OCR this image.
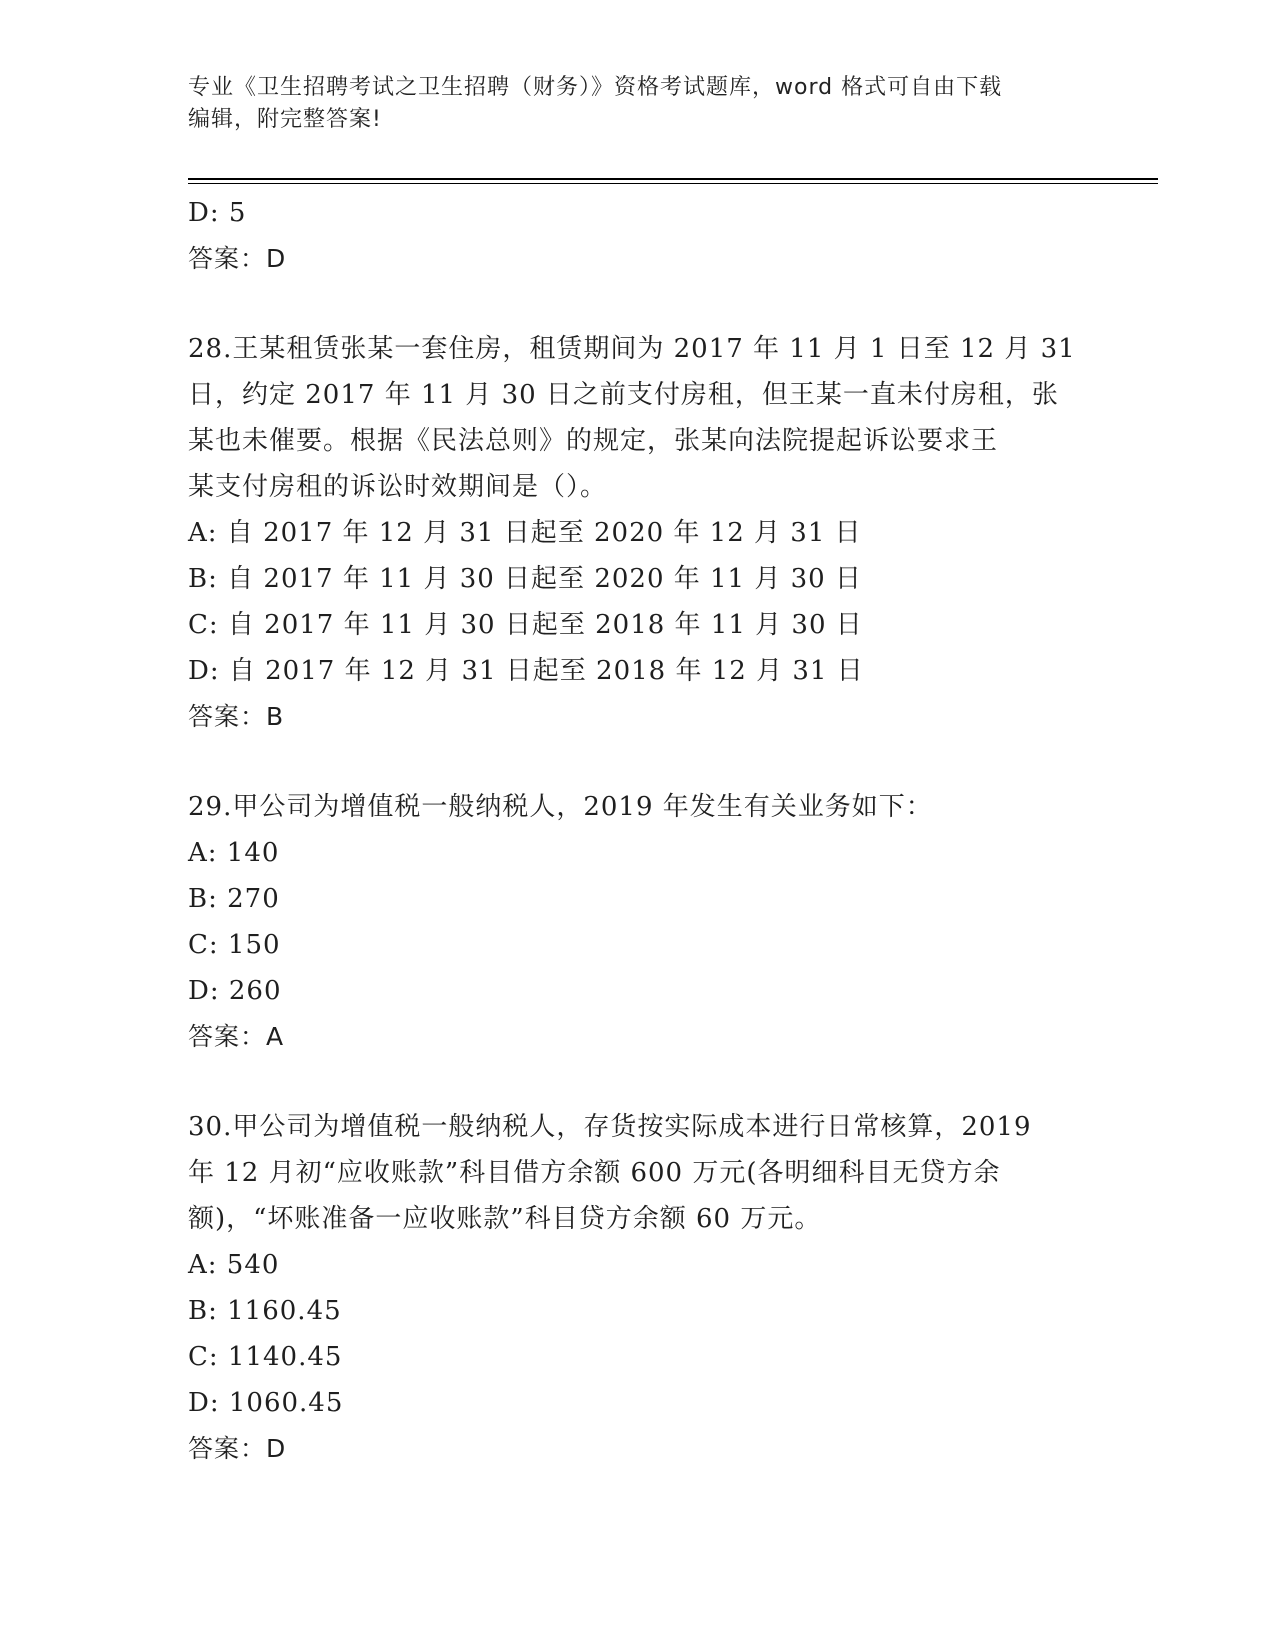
专业《卫生招聘考试之卫生招聘（财务）》资格考试题库，word 格式可自由下载
编辑，附完整答案!
D: 5
答案：D
28.王某租赁张某一套住房，租赁期间为 2017 年 11 月 1 日至 12 月 31
日，约定 2017 年 11 月 30 日之前支付房租，但王某一直未付房租，张
某也未催要。根据《民法总则》的规定，张某向法院提起诉讼要求王
某支付房租的诉讼时效期间是（）。
A: 自 2017 年 12 月 31 日起至 2020 年 12 月 31 日
B: 自 2017 年 11 月 30 日起至 2020 年 11 月 30 日
C: 自 2017 年 11 月 30 日起至 2018 年 11 月 30 日
D: 自 2017 年 12 月 31 日起至 2018 年 12 月 31 日
答案：B
29.甲公司为增值税一般纳税人，2019 年发生有关业务如下：
A: 140
B: 270
C: 150
D: 260
答案：A
30.甲公司为增值税一般纳税人，存货按实际成本进行日常核算，2019
年 12 月初“应收账款”科目借方余额 600 万元(各明细科目无贷方余
额)，“坏账准备一应收账款”科目贷方余额 60 万元。
A: 540
B: 1160.45
C: 1140.45
D: 1060.45
答案：D
